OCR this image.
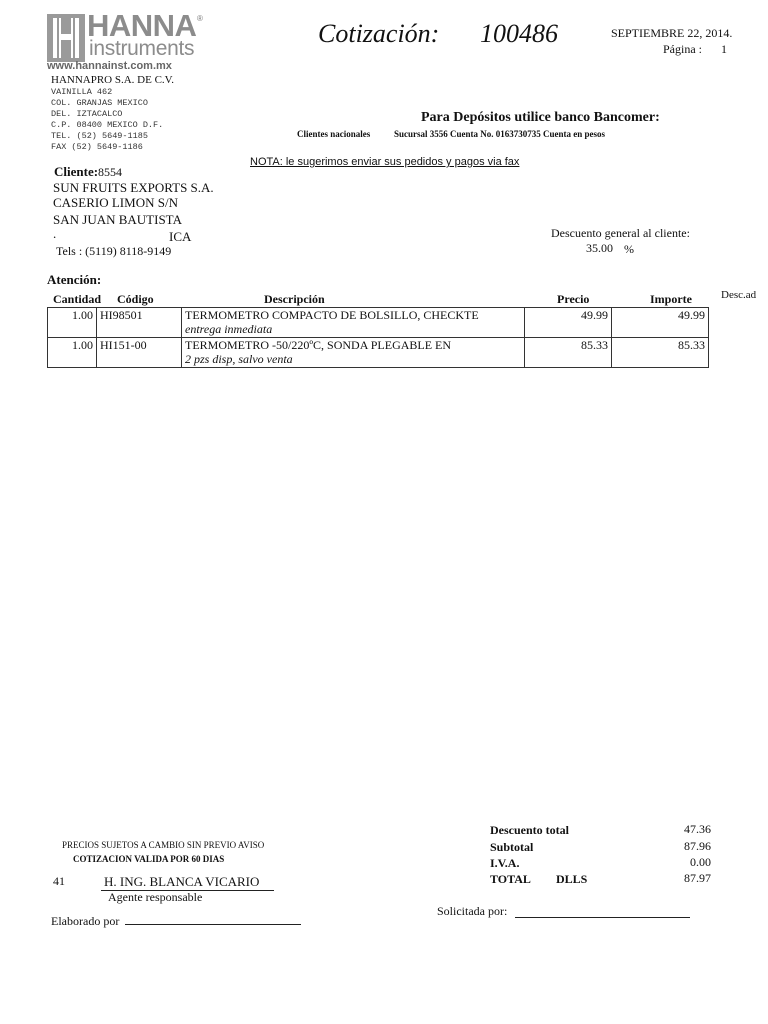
HANNA ®
instruments
www.hannainst.com.mx
HANNAPRO S.A. DE C.V.
VAINILLA 462
COL. GRANJAS MEXICO
DEL. IZTACALCO
C.P. 08400 MEXICO D.F.
TEL. (52) 5649-1185
FAX (52) 5649-1186
Cotización: 100486	SEPTIEMBRE 22, 2014.
Página : 1
Para Depósitos utilice banco Bancomer:
Clientes nacionales	Sucursal 3556 Cuenta No. 0163730735 Cuenta en pesos
NOTA: le sugerimos enviar sus pedidos y pagos via fax
Cliente:8554
SUN FRUITS EXPORTS S.A.
CASERIO LIMON S/N
SAN JUAN BAUTISTA
.	ICA
Tels : (5119) 8118-9149
Descuento general al cliente:
35.00 %
Atención:
Cantidad Código	Descripción	Precio	Importe	Desc.ad
1.00	HI98501	TERMOMETRO COMPACTO DE BOLSILLO, CHECKTE
entrega inmediata	49.99	49.99
1.00	HI151-00	TERMOMETRO -50/220ºC, SONDA PLEGABLE EN
2 pzs disp, salvo venta	85.33	85.33
PRECIOS SUJETOS A CAMBIO SIN PREVIO AVISO
COTIZACION VALIDA POR 60 DIAS
41	H. ING. BLANCA VICARIO
Agente responsable
Elaborado por
Solicitada por:
Descuento total	47.36
Subtotal	87.96
I.V.A.	0.00
TOTAL DLLS	87.97
